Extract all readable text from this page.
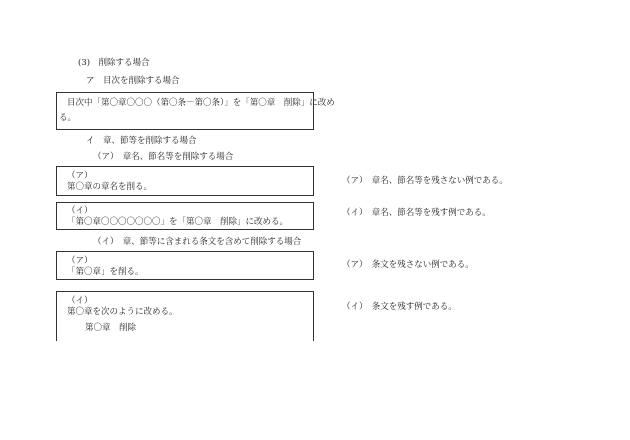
(3)　削除する場合
ア　目次を削除する場合
目次中「第〇章〇〇〇（第〇条－第〇条）」を「第〇章　削除」に改め
る。
イ　章、節等を削除する場合
（ア）　章名、節名等を削除する場合
（ア）
第〇章の章名を削る。
（イ）
「第〇章〇〇〇〇〇〇〇」を「第〇章　削除」に改める。
（イ）　章、節等に含まれる条文を含めて削除する場合
（ア）
「第〇章」を削る。
（イ）
第〇章を次のように改める。
第〇章　削除
（ア）　章名、節名等を残さない例である。
（イ）　章名、節名等を残す例である。
（ア）　条文を残さない例である。
（イ）　条文を残す例である。
